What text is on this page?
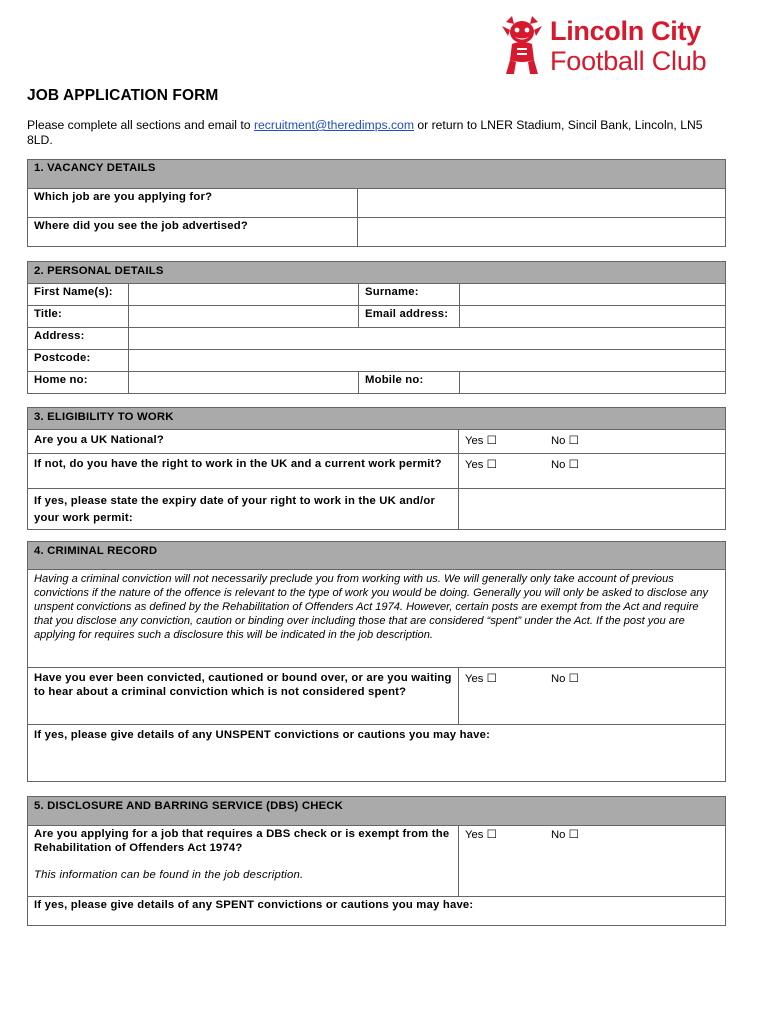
Lincoln City
Football Club
JOB APPLICATION FORM
Please complete all sections and email to recruitment@theredimps.com or return to LNER Stadium, Sincil Bank, Lincoln, LN5 8LD.
1. VACANCY DETAILS	
Which job are you applying for?	
Where did you see the job advertised?	
2. PERSONAL DETAILS			
First Name(s):		Surname:	
Title:		Email address:	
Address:			
Postcode:			
Home no:		Mobile no:	
3. ELIGIBILITY TO WORK	
Are you a UK National?	Yes ☐ No ☐
If not, do you have the right to work in the UK and a current work permit?	Yes ☐ No ☐
If yes, please state the expiry date of your right to work in the UK and/or your work permit:	
4. CRIMINAL RECORD
Having a criminal conviction will not necessarily preclude you from working with us. We will generally only take account of previous convictions if the nature of the offence is relevant to the type of work you would be doing. Generally you will only be asked to disclose any unspent convictions as defined by the Rehabilitation of Offenders Act 1974. However, certain posts are exempt from the Act and require that you disclose any conviction, caution or binding over including those that are considered “spent” under the Act. If the post you are applying for requires such a disclosure this will be indicated in the job description.
Have you ever been convicted, cautioned or bound over, or are you waiting to hear about a criminal conviction which is not considered spent?	Yes ☐	No ☐
If yes, please give details of any UNSPENT convictions or cautions you may have:
5. DISCLOSURE AND BARRING SERVICE (DBS) CHECK

Are you applying for a job that requires a DBS check or is exempt from the Rehabilitation of Offenders Act 1974?
This information can be found in the job description.
	Yes ☐	No ☐
If yes, please give details of any SPENT convictions or cautions you may have:
